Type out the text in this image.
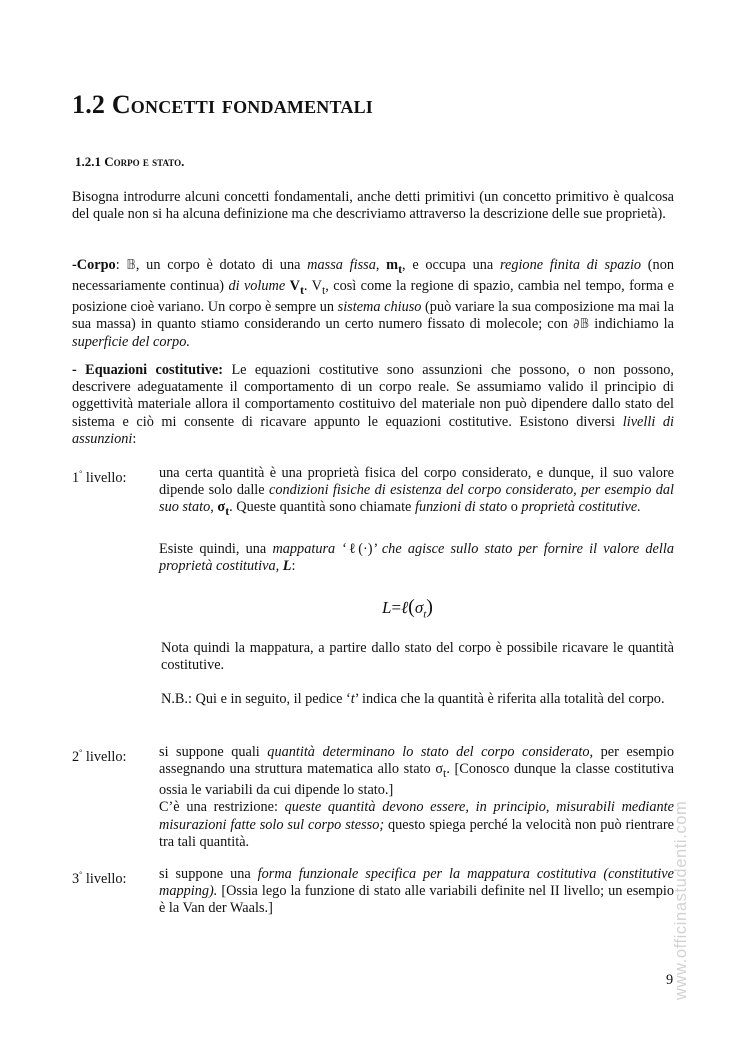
1.2 Concetti fondamentali
1.2.1 Corpo e stato.

Bisogna introdurre alcuni concetti fondamentali, anche detti primitivi (un concetto primitivo è qualcosa del quale non si ha alcuna definizione ma che descriviamo attraverso la descrizione delle sue proprietà).

-Corpo: 𝔹, un corpo è dotato di una massa fissa, $m_t$, e occupa una regione finita di spazio (non necessariamente continua) di volume $V_t$. $V_t$, così come la regione di spazio, cambia nel tempo, forma e posizione cioè variano. Un corpo è sempre un sistema chiuso (può variare la sua composizione ma mai la sua massa) in quanto stiamo considerando un certo numero fissato di molecole; con ∂𝔹 indichiamo la superficie del corpo.

- Equazioni costitutive: Le equazioni costitutive sono assunzioni che possono, o non possono, descrivere adeguatamente il comportamento di un corpo reale. Se assumiamo valido il principio di oggettività materiale allora il comportamento costituivo del materiale non può dipendere dallo stato del sistema e ciò mi consente di ricavare appunto le equazioni costitutive. Esistono diversi livelli di assunzioni:

1° livello: una certa quantità è una proprietà fisica del corpo considerato, e dunque, il suo valore dipende solo dalle condizioni fisiche di esistenza del corpo considerato, per esempio dal suo stato, $\sigma_t$. Queste quantità sono chiamate funzioni di stato o proprietà costitutive.

Esiste quindi, una mappatura ‘ℓ(·)’ che agisce sullo stato per fornire il valore della proprietà costitutiva, L:

$L=\ell(\sigma_t)$

Nota quindi la mappatura, a partire dallo stato del corpo è possibile ricavare le quantità costitutive.

N.B.: Qui e in seguito, il pedice ‘t’ indica che la quantità è riferita alla totalità del corpo.

2° livello: si suppone quali quantità determinano lo stato del corpo considerato, per esempio assegnando una struttura matematica allo stato $\sigma_t$. [Conosco dunque la classe costitutiva ossia le variabili da cui dipende lo stato.]
C’è una restrizione: queste quantità devono essere, in principio, misurabili mediante misurazioni fatte solo sul corpo stesso; questo spiega perché la velocità non può rientrare tra tali quantità.

3° livello: si suppone una forma funzionale specifica per la mappatura costitutiva (constitutive mapping). [Ossia lego la funzione di stato alle variabili definite nel II livello; un esempio è la Van der Waals.]

9
www.officinastudenti.com
